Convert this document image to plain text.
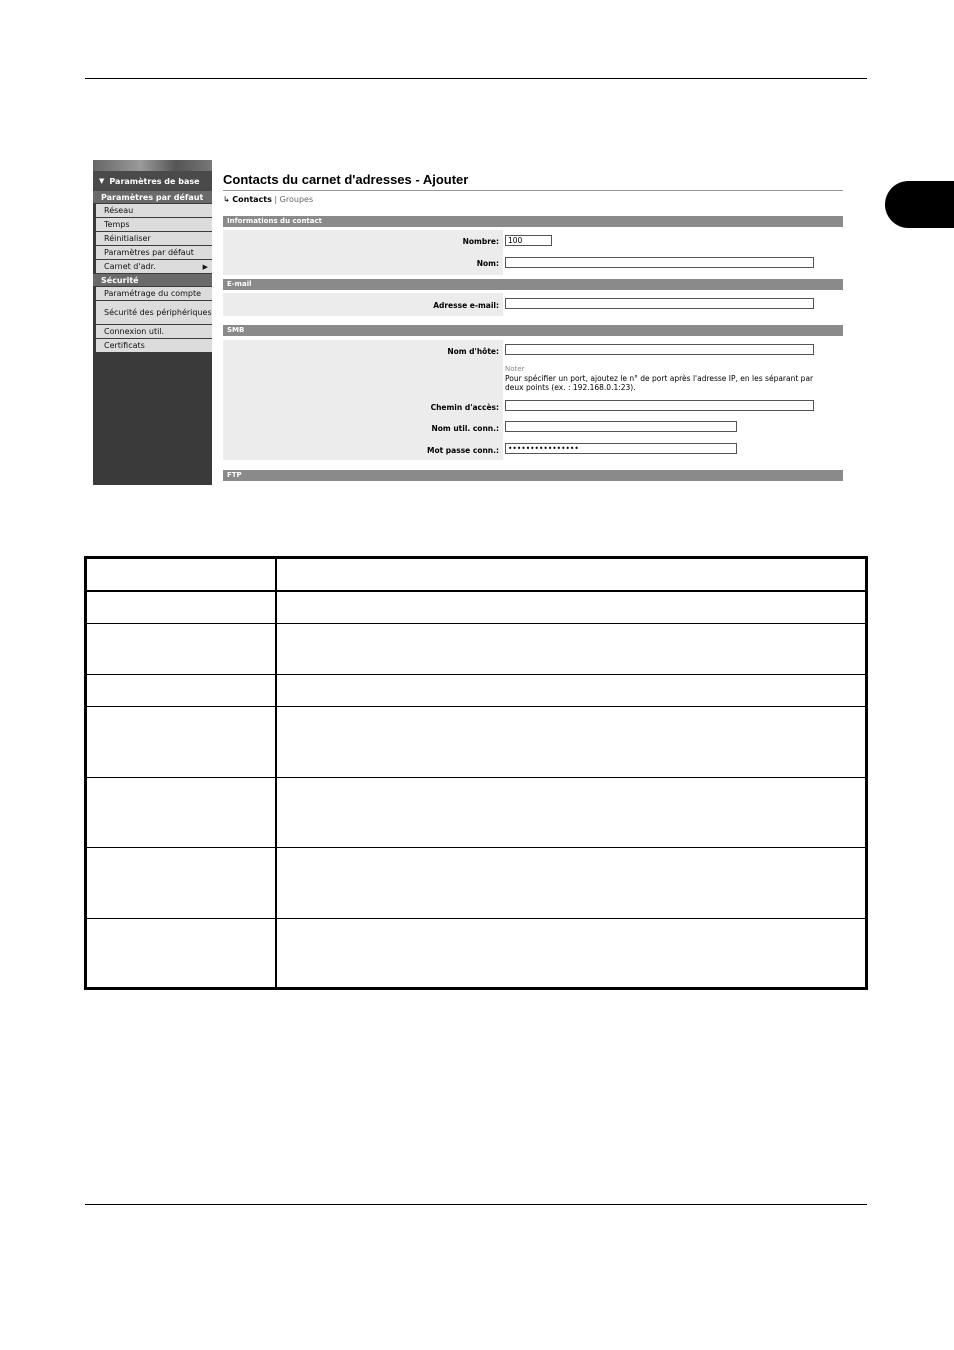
▼ Paramètres de base
Paramètres par défaut
Réseau
Temps
Réinitialiser
Paramètres par défaut
Carnet d'adr.	▶
Sécurité
Paramétrage du compte
Sécurité des périphériques
Connexion util.
Certificats
Contacts du carnet d'adresses - Ajouter
↳ Contacts | Groupes
Informations du contact
Nombre:	100
Nom:
E-mail
Adresse e-mail:
SMB
Nom d'hôte:
Noter
Pour spécifier un port, ajoutez le n° de port après l'adresse IP, en les séparant par deux points (ex. : 192.168.0.1:23).
Chemin d'accès:
Nom util. conn.:
Mot passe conn.:	••••••••••••••••
FTP
